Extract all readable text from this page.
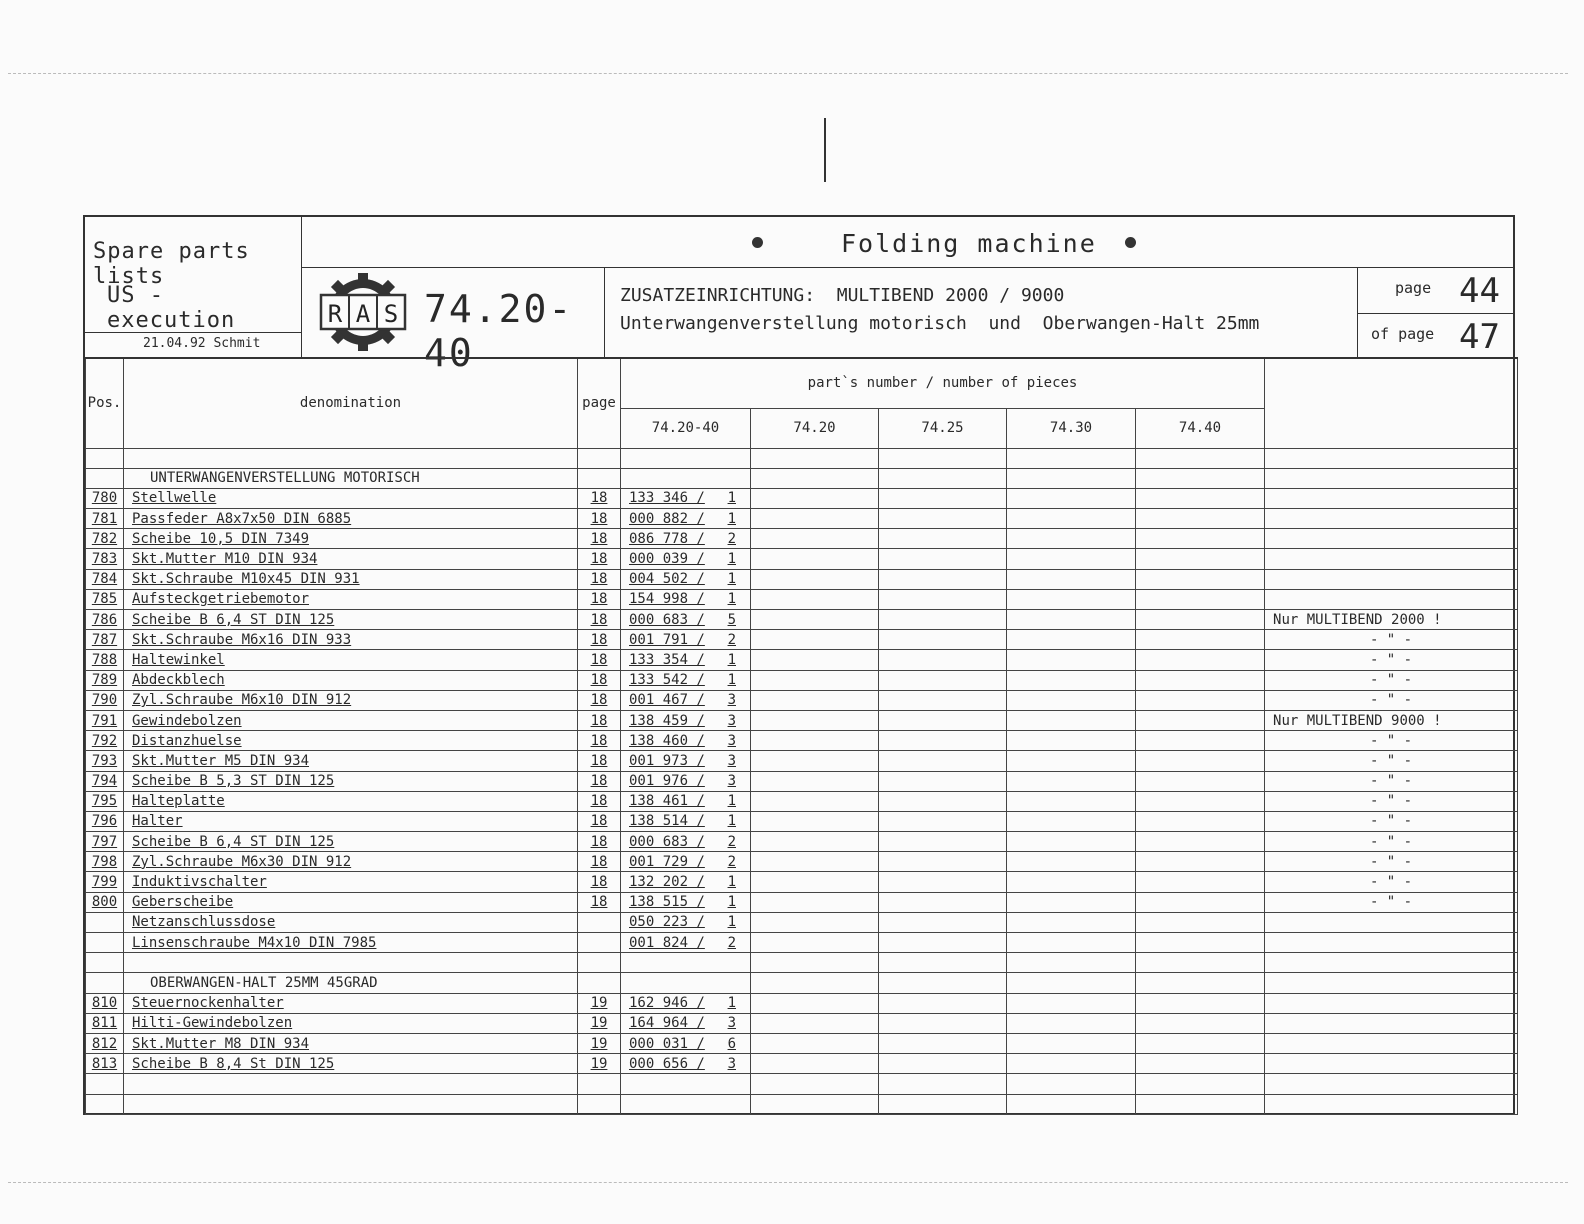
Spare parts lists
US - execution
21.04.92 Schmit
Folding machine
R A S 74.20-40
ZUSATZEINRICHTUNG:  MULTIBEND 2000 / 9000
Unterwangenverstellung motorisch  und  Oberwangen-Halt 25mm
page 44
of page 47
Pos.	denomination	page	part`s number / number of pieces					
			74.20-40	74.20	74.25	74.30	74.40	

	UNTERWANGENVERSTELLUNG MOTORISCH							
780	Stellwelle	18	133 346 / 1					

781	Passfeder A8x7x50 DIN 6885	18	000 882 / 1					

782	Scheibe 10,5 DIN 7349	18	086 778 / 2					

783	Skt.Mutter M10 DIN 934	18	000 039 / 1					

784	Skt.Schraube M10x45 DIN 931	18	004 502 / 1					

785	Aufsteckgetriebemotor	18	154 998 / 1					

786	Scheibe B 6,4 ST DIN 125	18	000 683 / 5					Nur MULTIBEND 2000 !
787	Skt.Schraube M6x16 DIN 933	18	001 791 / 2					- " -
788	Haltewinkel	18	133 354 / 1					- " -
789	Abdeckblech	18	133 542 / 1					- " -
790	Zyl.Schraube M6x10 DIN 912	18	001 467 / 3					- " -
791	Gewindebolzen	18	138 459 / 3					Nur MULTIBEND 9000 !
792	Distanzhuelse	18	138 460 / 3					- " -
793	Skt.Mutter M5 DIN 934	18	001 973 / 3					- " -
794	Scheibe B 5,3 ST DIN 125	18	001 976 / 3					- " -
795	Halteplatte	18	138 461 / 1					- " -
796	Halter	18	138 514 / 1					- " -
797	Scheibe B 6,4 ST DIN 125	18	000 683 / 2					- " -
798	Zyl.Schraube M6x30 DIN 912	18	001 729 / 2					- " -
799	Induktivschalter	18	132 202 / 1					- " -
800	Geberscheibe	18	138 515 / 1					- " -
	Netzanschlussdose		050 223 / 1					

	Linsenschraube M4x10 DIN 7985		001 824 / 2					

	OBERWANGEN-HALT 25MM 45GRAD							
810	Steuernockenhalter	19	162 946 / 1					

811	Hilti-Gewindebolzen	19	164 964 / 3					

812	Skt.Mutter M8 DIN 934	19	000 031 / 6					

813	Scheibe B 8,4 St DIN 125	19	000 656 / 3					
